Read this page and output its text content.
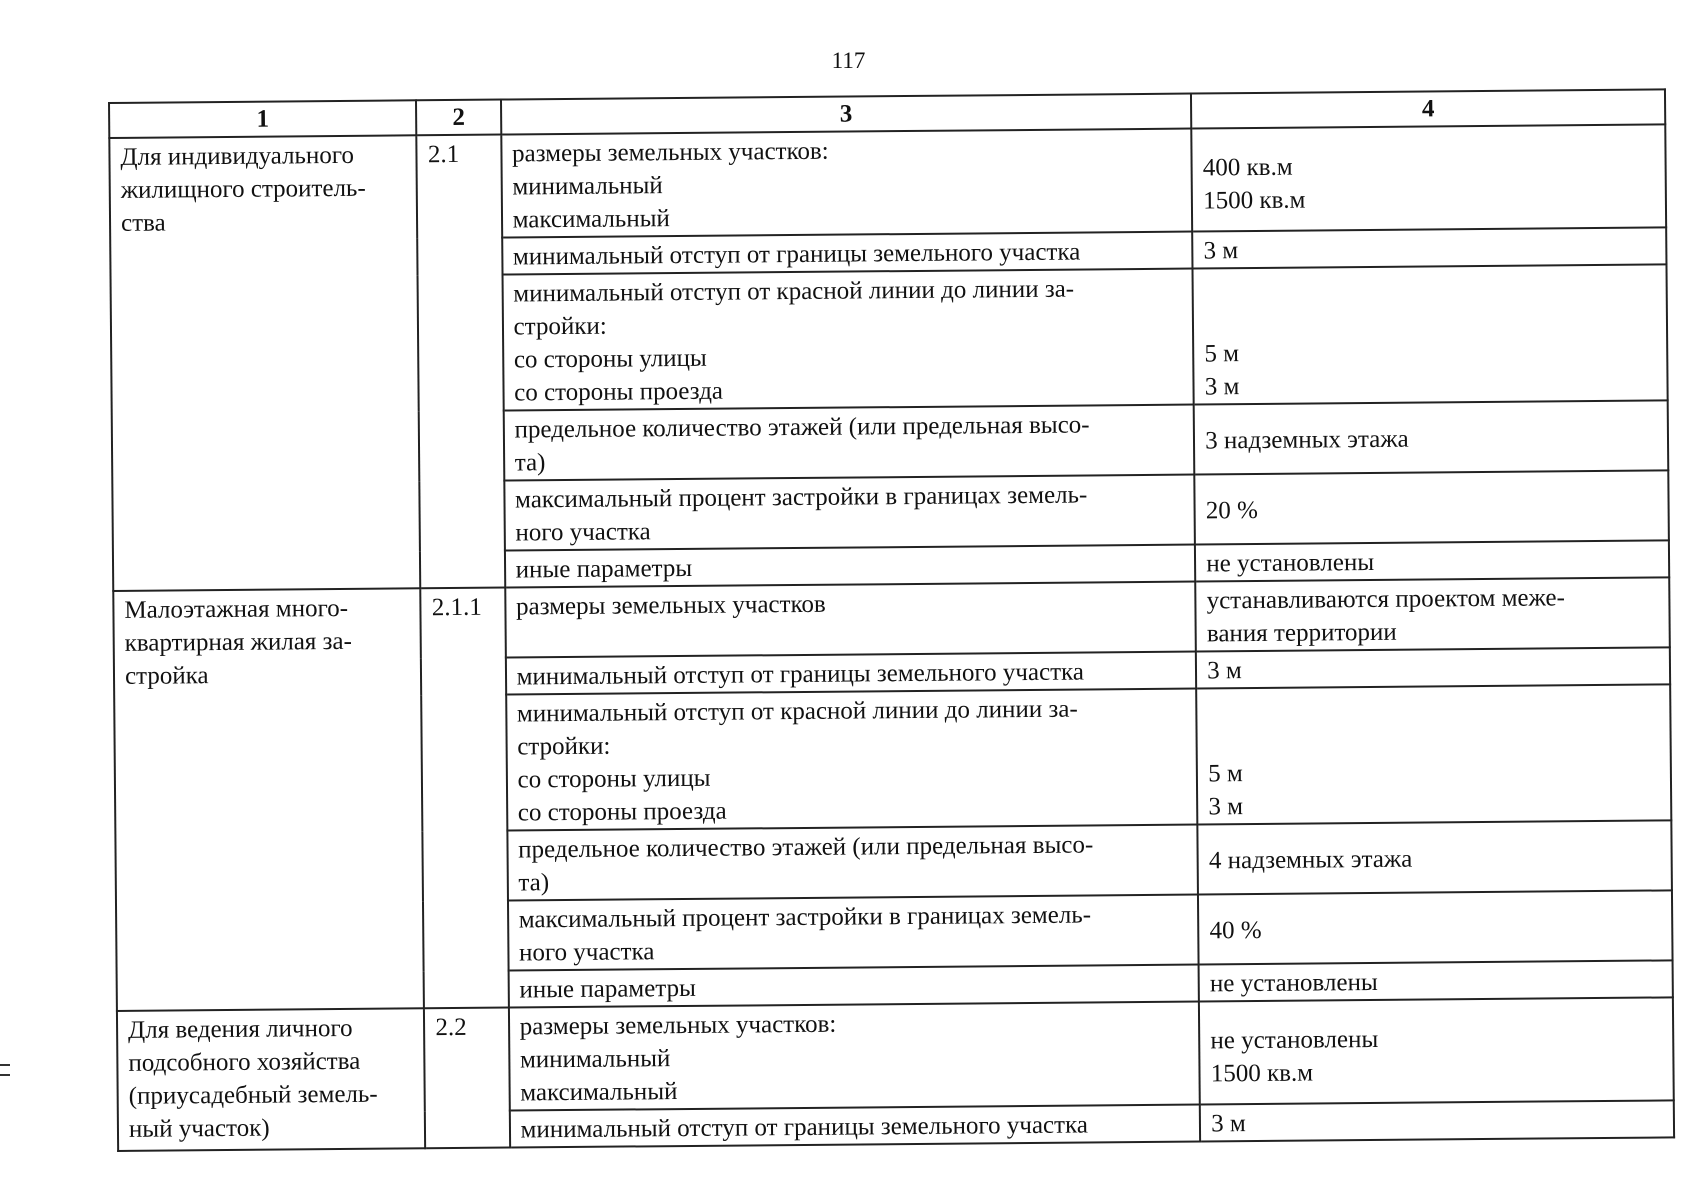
117
1	2	3	4

Для индивидуального
жилищного строитель-
ства	2.1	размеры земельных участков:
минимальный
максимальный	400 кв.м
1500 кв.м

		минимальный отступ от границы земельного участка	3 м

		минимальный отступ от красной линии до линии за-
стройки:
со стороны улицы
со стороны проезда	5 м
3 м

		предельное количество этажей (или предельная высо-
та)	3 надземных этажа

		максимальный процент застройки в границах земель-
ного участка	20 %

		иные параметры	не установлены

Малоэтажная много-
квартирная жилая за-
стройка	2.1.1	размеры земельных участков	устанавливаются проектом меже-
вания территории

		минимальный отступ от границы земельного участка	3 м

		минимальный отступ от красной линии до линии за-
стройки:
со стороны улицы
со стороны проезда	5 м
3 м

		предельное количество этажей (или предельная высо-
та)	4 надземных этажа

		максимальный процент застройки в границах земель-
ного участка	40 %

		иные параметры	не установлены

Для ведения личного
подсобного хозяйства
(приусадебный земель-
ный участок)	2.2	размеры земельных участков:
минимальный
максимальный	не установлены
1500 кв.м

		минимальный отступ от границы земельного участка	3 м
